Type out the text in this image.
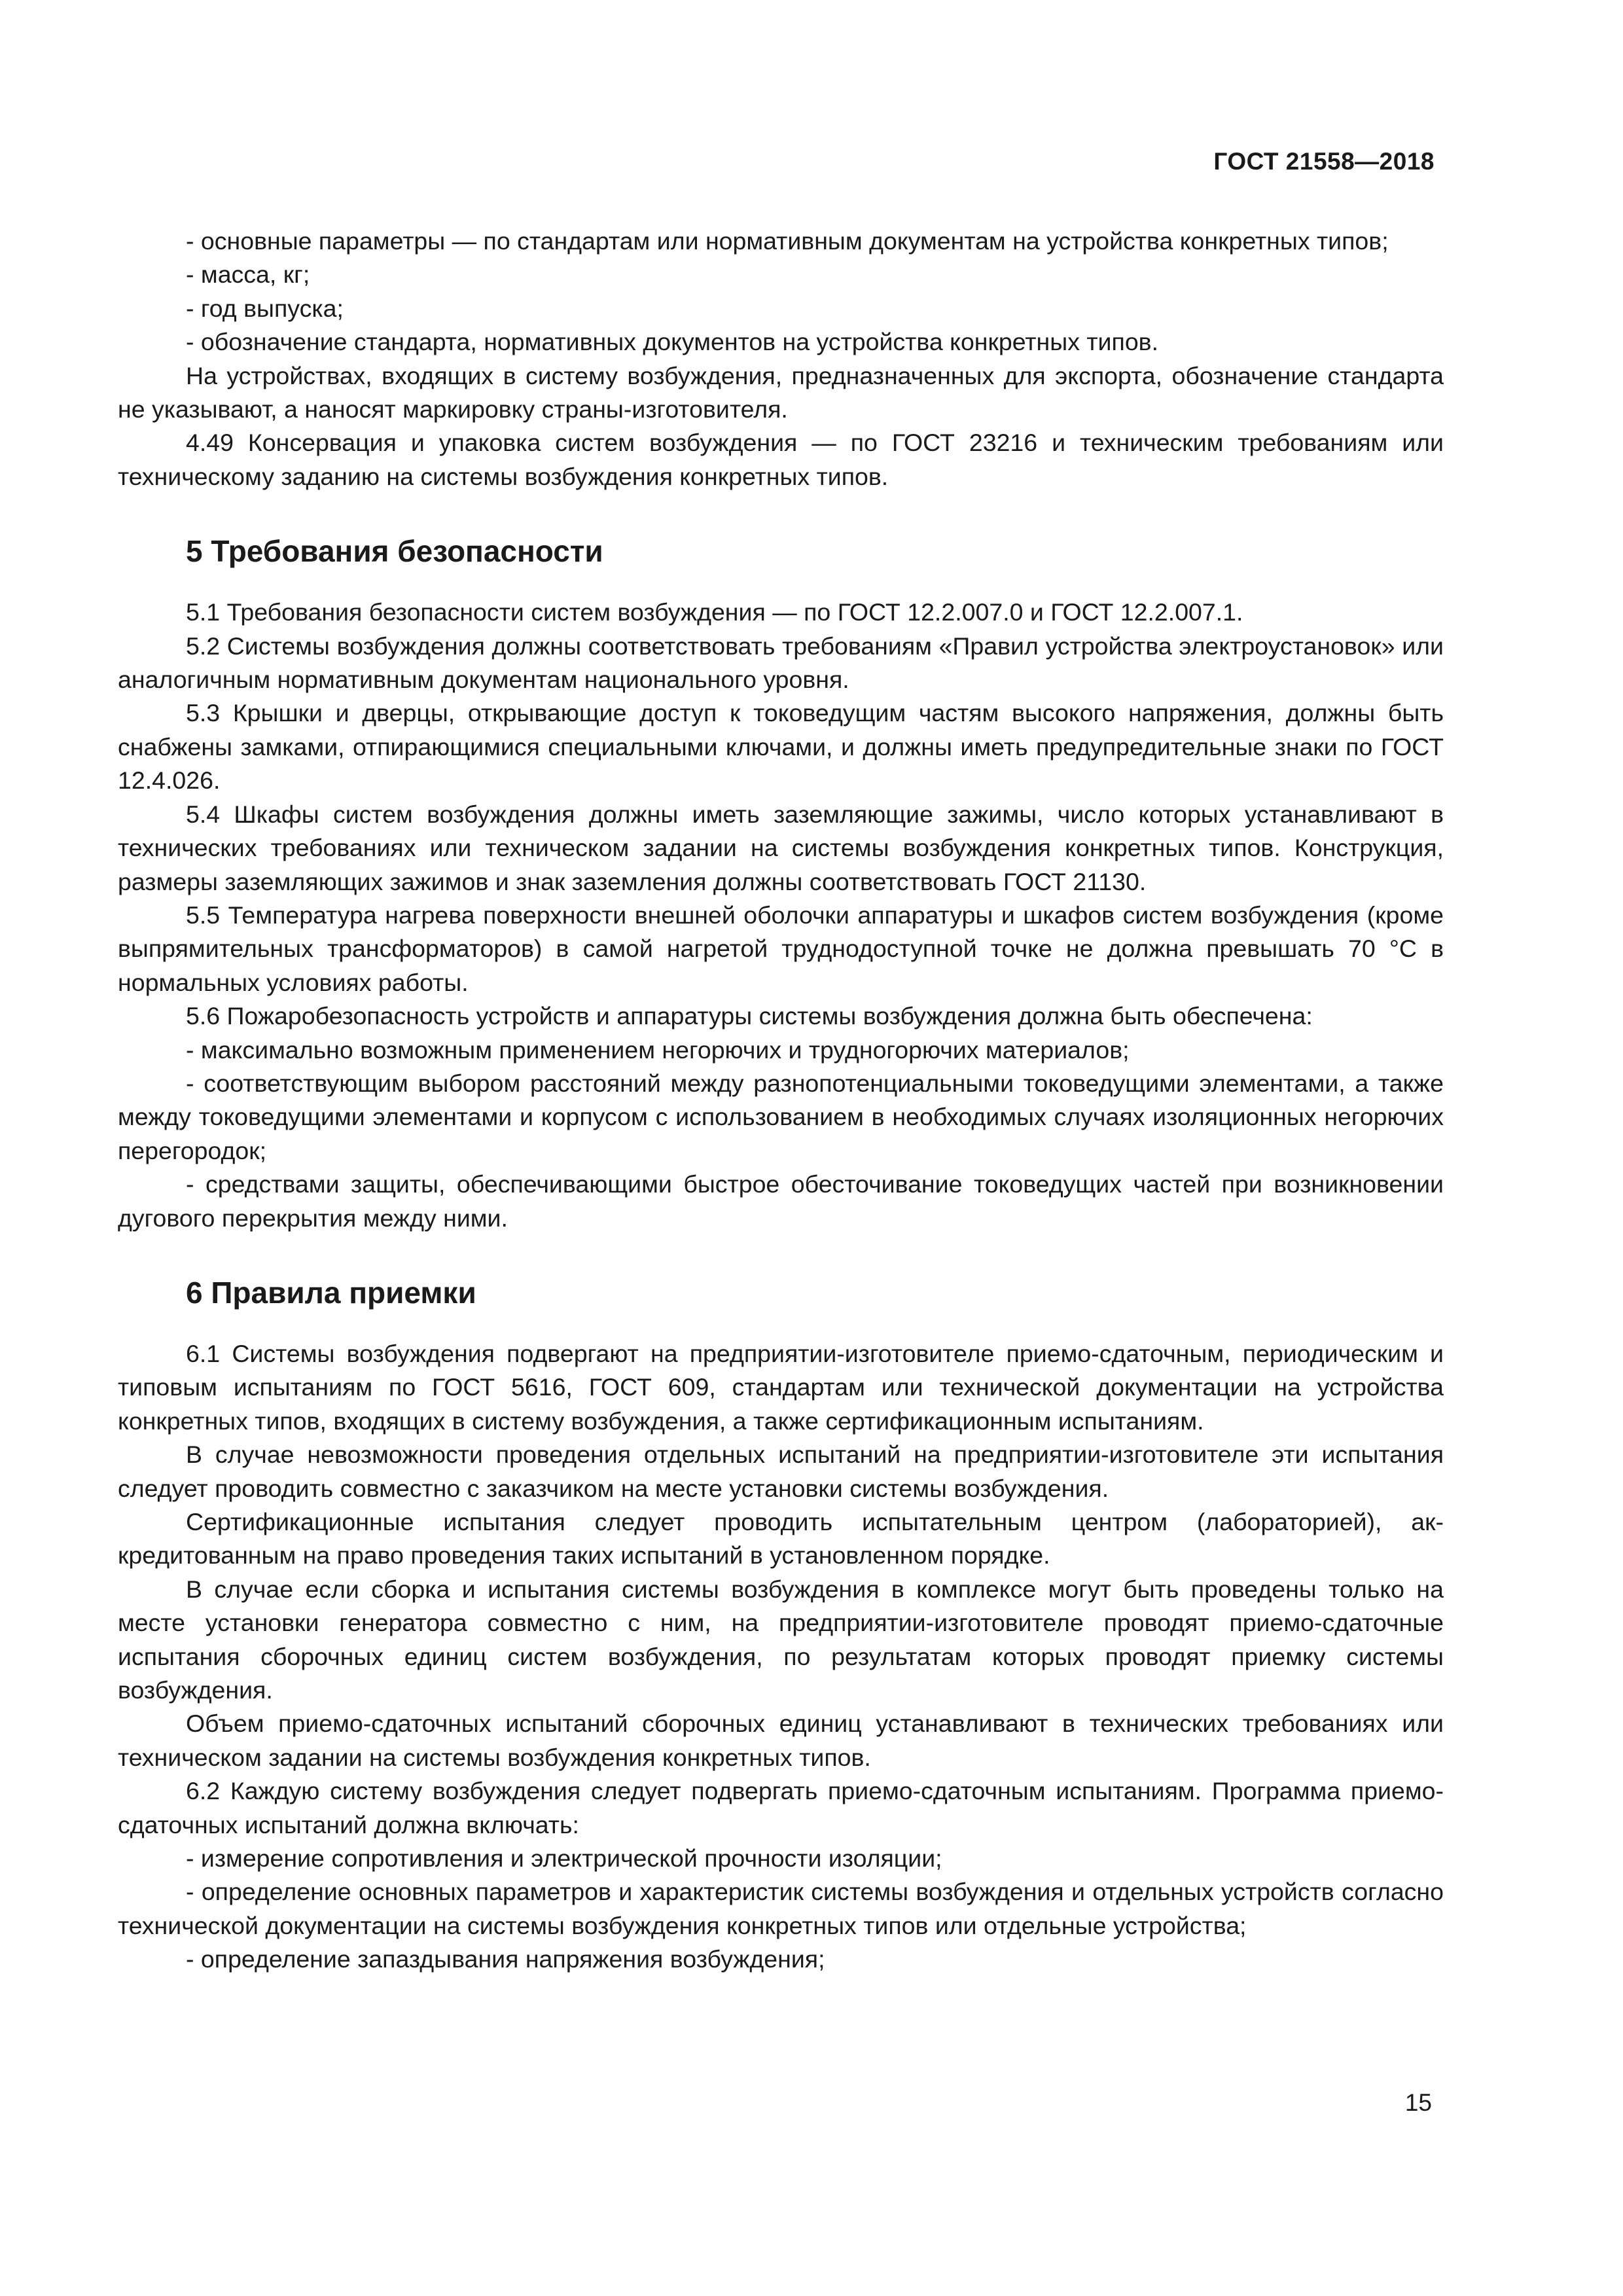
ГОСТ 21558—2018

- основные параметры — по стандартам или нормативным документам на устройства конкретных типов;

- масса, кг;

- год выпуска;

- обозначение стандарта, нормативных документов на устройства конкретных типов.

На устройствах, входящих в систему возбуждения, предназначенных для экспорта, обозначение стандарта не указывают, а наносят маркировку страны-изготовителя.

4.49 Консервация и упаковка систем возбуждения — по ГОСТ 23216 и техническим требованиям или техническому заданию на системы возбуждения конкретных типов.

5 Требования безопасности

5.1 Требования безопасности систем возбуждения — по ГОСТ 12.2.007.0 и ГОСТ 12.2.007.1.

5.2 Системы возбуждения должны соответствовать требованиям «Правил устройства электроустановок» или аналогичным нормативным документам национального уровня.

5.3 Крышки и дверцы, открывающие доступ к токоведущим частям высокого напряжения, должны быть снабжены замками, отпирающимися специальными ключами, и должны иметь предупредительные знаки по ГОСТ 12.4.026.

5.4 Шкафы систем возбуждения должны иметь заземляющие зажимы, число которых устанавливают в технических требованиях или техническом задании на системы возбуждения конкретных типов. Конструкция, размеры заземляющих зажимов и знак заземления должны соответствовать ГОСТ 21130.

5.5 Температура нагрева поверхности внешней оболочки аппаратуры и шкафов систем возбуждения (кроме выпрямительных трансформаторов) в самой нагретой труднодоступной точке не должна превышать 70 °С в нормальных условиях работы.

5.6 Пожаробезопасность устройств и аппаратуры системы возбуждения должна быть обеспечена:

- максимально возможным применением негорючих и трудногорючих материалов;

- соответствующим выбором расстояний между разнопотенциальными токоведущими элементами, а также между токоведущими элементами и корпусом с использованием в необходимых случаях изоляционных негорючих перегородок;

- средствами защиты, обеспечивающими быстрое обесточивание токоведущих частей при возникновении дугового перекрытия между ними.

6 Правила приемки

6.1 Системы возбуждения подвергают на предприятии-изготовителе приемо-сдаточным, периодическим и типовым испытаниям по ГОСТ 5616, ГОСТ 609, стандартам или технической документации на устройства конкретных типов, входящих в систему возбуждения, а также сертификационным испытаниям.

В случае невозможности проведения отдельных испытаний на предприятии-изготовителе эти испытания следует проводить совместно с заказчиком на месте установки системы возбуждения.

Сертификационные испытания следует проводить испытательным центром (лабораторией), аккредитованным на право проведения таких испытаний в установленном порядке.

В случае если сборка и испытания системы возбуждения в комплексе могут быть проведены только на месте установки генератора совместно с ним, на предприятии-изготовителе проводят приемо-сдаточные испытания сборочных единиц систем возбуждения, по результатам которых проводят приемку системы возбуждения.

Объем приемо-сдаточных испытаний сборочных единиц устанавливают в технических требованиях или техническом задании на системы возбуждения конкретных типов.

6.2 Каждую систему возбуждения следует подвергать приемо-сдаточным испытаниям. Программа приемо-сдаточных испытаний должна включать:

- измерение сопротивления и электрической прочности изоляции;

- определение основных параметров и характеристик системы возбуждения и отдельных устройств согласно технической документации на системы возбуждения конкретных типов или отдельные устройства;

- определение запаздывания напряжения возбуждения;

15
